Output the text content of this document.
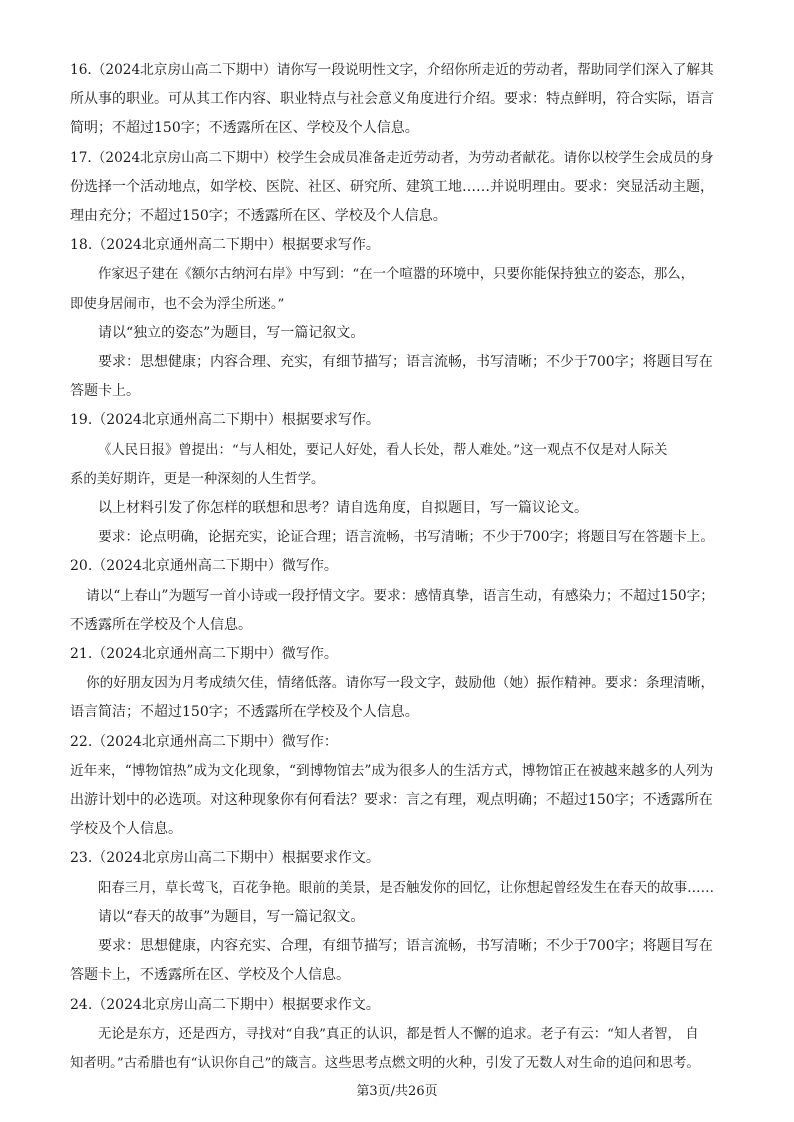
16.（2024北京房山高二下期中）请你写一段说明性文字，介绍你所走近的劳动者，帮助同学们深入了解其
所从事的职业。可从其工作内容、职业特点与社会意义角度进行介绍。要求：特点鲜明，符合实际，语言
简明；不超过150字；不透露所在区、学校及个人信息。
17.（2024北京房山高二下期中）校学生会成员准备走近劳动者，为劳动者献花。请你以校学生会成员的身
份选择一个活动地点，如学校、医院、社区、研究所、建筑工地……并说明理由。要求：突显活动主题，
理由充分；不超过150字；不透露所在区、学校及个人信息。
18.（2024北京通州高二下期中）根据要求写作。
作家迟子建在《额尔古纳河右岸》中写到：“在一个喧嚣的环境中，只要你能保持独立的姿态，那么，
即使身居闹市，也不会为浮尘所迷。”
请以“独立的姿态”为题目，写一篇记叙文。
要求：思想健康；内容合理、充实，有细节描写；语言流畅，书写清晰；不少于700字；将题目写在
答题卡上。
19.（2024北京通州高二下期中）根据要求写作。
《人民日报》曾提出：“与人相处，要记人好处，看人长处，帮人难处。”这一观点不仅是对人际关
系的美好期许，更是一种深刻的人生哲学。
以上材料引发了你怎样的联想和思考？请自选角度，自拟题目，写一篇议论文。
要求：论点明确，论据充实，论证合理；语言流畅，书写清晰；不少于700字；将题目写在答题卡上。
20.（2024北京通州高二下期中）微写作。
请以“上春山”为题写一首小诗或一段抒情文字。要求：感情真挚，语言生动，有感染力；不超过150字；
不透露所在学校及个人信息。
21.（2024北京通州高二下期中）微写作。
你的好朋友因为月考成绩欠佳，情绪低落。请你写一段文字，鼓励他（她）振作精神。要求：条理清晰，
语言简洁；不超过150字；不透露所在学校及个人信息。
22.（2024北京通州高二下期中）微写作：
近年来，“博物馆热”成为文化现象，“到博物馆去”成为很多人的生活方式，博物馆正在被越来越多的人列为
出游计划中的必选项。对这种现象你有何看法？要求：言之有理，观点明确；不超过150字；不透露所在
学校及个人信息。
23.（2024北京房山高二下期中）根据要求作文。
阳春三月，草长莺飞，百花争艳。眼前的美景，是否触发你的回忆，让你想起曾经发生在春天的故事……
请以“春天的故事”为题目，写一篇记叙文。
要求：思想健康，内容充实、合理，有细节描写；语言流畅，书写清晰；不少于700字；将题目写在
答题卡上，不透露所在区、学校及个人信息。
24.（2024北京房山高二下期中）根据要求作文。
无论是东方，还是西方，寻找对“自我”真正的认识，都是哲人不懈的追求。老子有云：“知人者智， 自
知者明。”古希腊也有“认识你自己”的箴言。这些思考点燃文明的火种，引发了无数人对生命的追问和思考。
第3页/共26页
